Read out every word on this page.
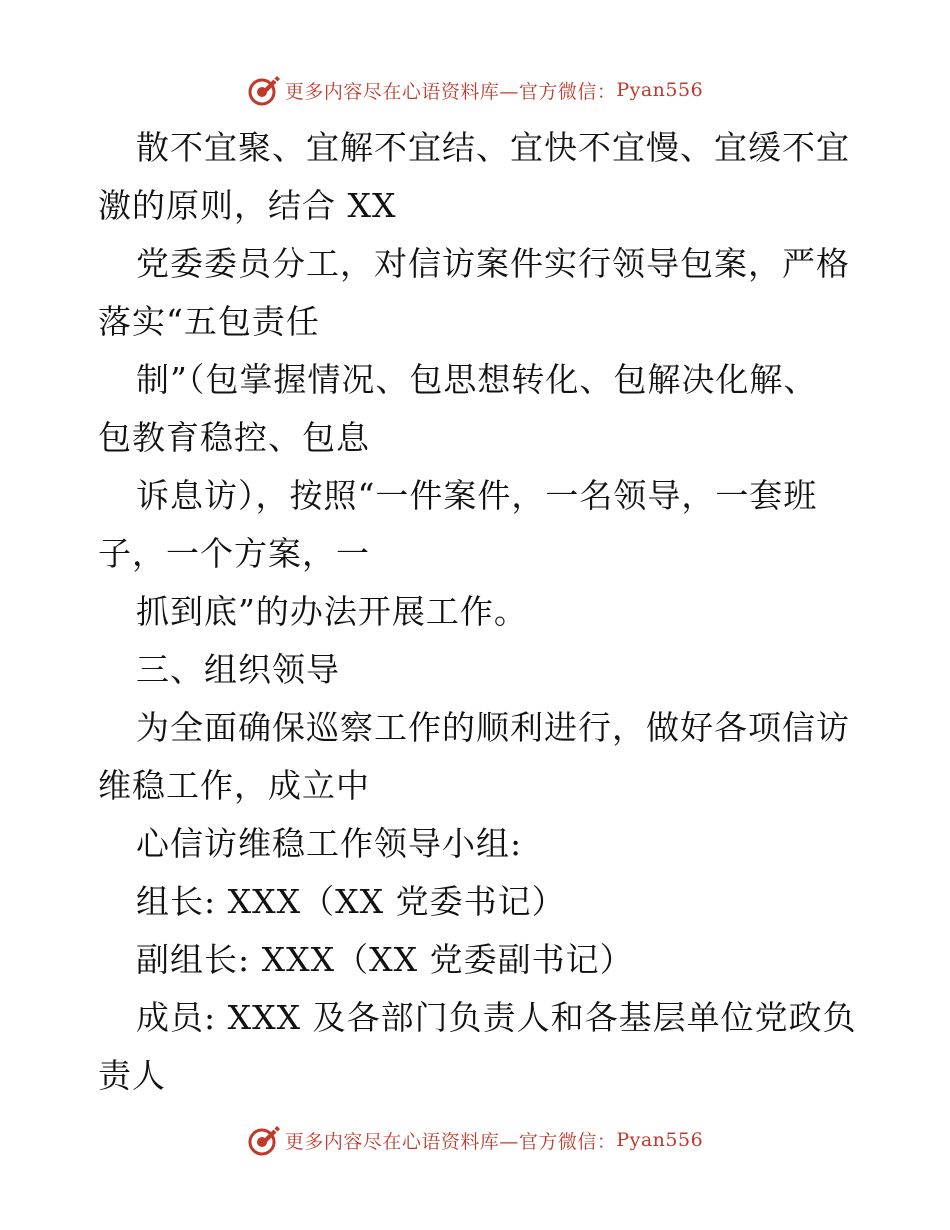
更多内容尽在心语资料库—官方微信： Pyan556
散不宜聚、宜解不宜结、宜快不宜慢、宜缓不宜
激的原则，结合 XX
党委委员分工，对信访案件实行领导包案，严格
落实“五包责任
制”（包掌握情况、包思想转化、包解决化解、
包教育稳控、包息
诉息访），按照“一件案件，一名领导，一套班
子，一个方案，一
抓到底”的办法开展工作。
三、组织领导
为全面确保巡察工作的顺利进行，做好各项信访
维稳工作，成立中
心信访维稳工作领导小组:
组长: XXX（XX 党委书记）
副组长: XXX（XX 党委副书记）
成员: XXX 及各部门负责人和各基层单位党政负
责人
更多内容尽在心语资料库—官方微信： Pyan556
